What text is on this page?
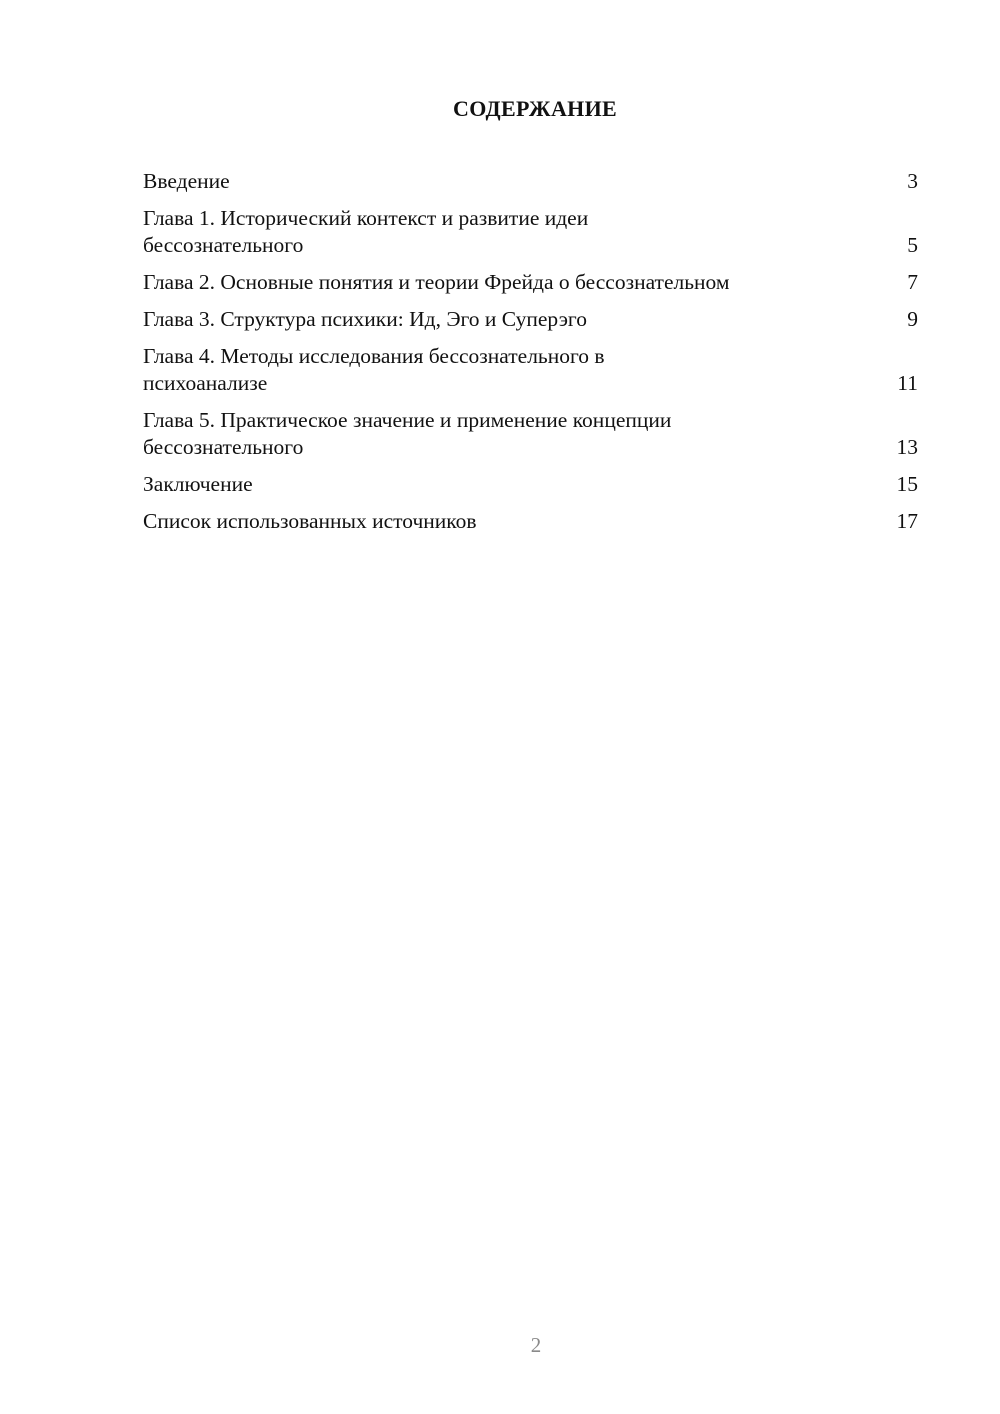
СОДЕРЖАНИЕ
Введение	3
Глава 1. Исторический контекст и развитие идеи
бессознательного	5
Глава 2. Основные понятия и теории Фрейда о бессознательном	7
Глава 3. Структура психики: Ид, Эго и Суперэго	9
Глава 4. Методы исследования бессознательного в
психоанализе	11
Глава 5. Практическое значение и применение концепции
бессознательного	13
Заключение	15
Список использованных источников	17
2
